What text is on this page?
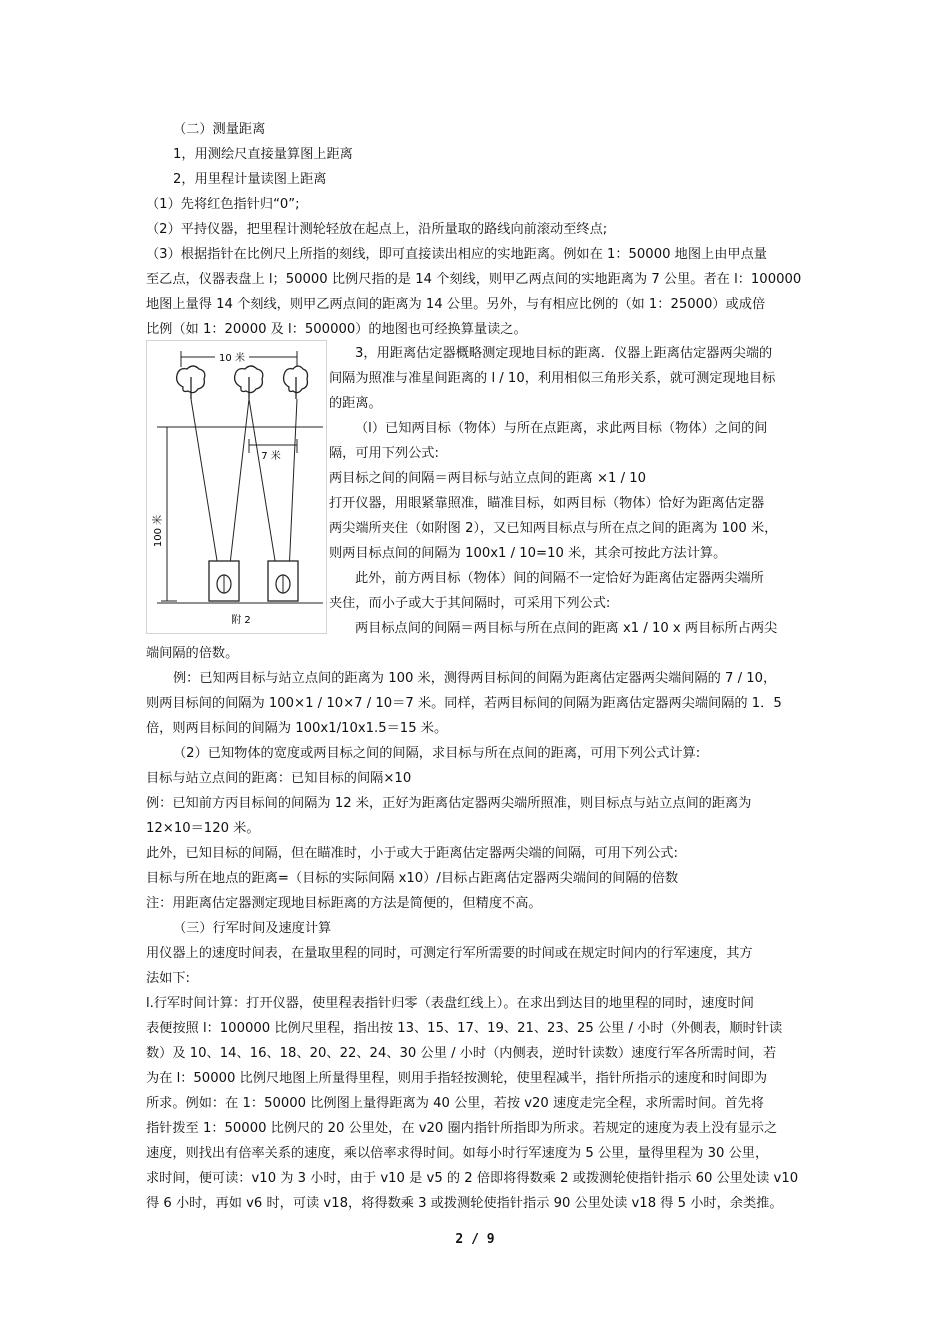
（二）测量距离
1，用测绘尺直接量算图上距离
2，用里程计量读图上距离
（1）先将红色指针归“0”;
（2）平持仪器，把里程计测轮轻放在起点上，沿所量取的路线向前滚动至终点;
（3）根据指针在比例尺上所指的刻线，即可直接读出相应的实地距离。例如在 1：50000 地图上由甲点量
至乙点，仪器表盘上 l；50000 比例尺指的是 14 个刻线，则甲乙两点间的实地距离为 7 公里。者在 l：100000
地图上量得 14 个刻线，则甲乙两点间的距离为 14 公里。另外，与有相应比例的（如 1：25000）或成倍
比例（如 1：20000 及 l：500000）的地图也可经换算量读之。
10 米
100 米
7 米
附 2
3，用距离估定器概略测定现地目标的距离．仪器上距离估定器两尖端的
间隔为照准与准星间距离的 l / 10，利用相似三角形关系，就可测定现地目标
的距离。
（l）已知两目标（物体）与所在点距离，求此两目标（物体）之间的间
隔，可用下列公式:
两目标之间的间隔＝两目标与站立点间的距离 ×1 / 10
打开仪器，用眼紧靠照准，瞄准目标，如两目标（物体）恰好为距离估定器
两尖端所夹住（如附图 2），又已知两目标点与所在点之间的距离为 100 米，
则两目标点间的间隔为 100x1 / 10=10 米，其余可按此方法计算。
此外，前方两目标（物体）间的间隔不一定恰好为距离估定器两尖端所
夹住，而小子或大于其间隔时，可采用下列公式:
两目标点间的间隔＝两目标与所在点间的距离 x1 / 10 x 两目标所占两尖
端间隔的倍数。
例：已知两目标与站立点间的距离为 100 米，测得两目标间的间隔为距离估定器两尖端间隔的 7 / 10，
则两目标间的间隔为 100×1 / 10×7 / 10＝7 米。同样，若两目标间的间隔为距离估定器两尖端间隔的 1．5
倍，则两目标间的间隔为 100x1/10x1.5＝15 米。
（2）已知物体的宽度或两目标之间的间隔，求目标与所在点间的距离，可用下列公式计算:
目标与站立点间的距离：已知目标的间隔×10
例：已知前方丙目标间的间隔为 12 米，正好为距离估定器两尖端所照准，则目标点与站立点间的距离为
12×10＝120 米。
此外，已知目标的间隔，但在瞄准时，小于或大于距离估定器两尖端的间隔，可用下列公式:
目标与所在地点的距离=（目标的实际间隔 x10）/目标占距离估定器两尖端间的间隔的倍数
注：用距离估定器测定现地目标距离的方法是简便的，但精度不高。
（三）行军时间及速度计算
用仪器上的速度时间表，在量取里程的同时，可测定行军所需要的时间或在规定时间内的行军速度，其方
法如下:
l.行军时间计算：打开仪器，使里程表指针归零（表盘红线上）。在求出到达目的地里程的同时，速度时间
表便按照 l：100000 比例尺里程，指出按 13、15、17、19、21、23、25 公里 / 小时（外侧表，顺时针读
数）及 10、14、16、18、20、22、24、30 公里 / 小时（内侧表，逆时针读数）速度行军各所需时间，若
为在 l：50000 比例尺地图上所量得里程，则用手指轻按测轮，使里程减半，指针所指示的速度和时间即为
所求。例如：在 1：50000 比例图上量得距离为 40 公里，若按 v20 速度走完全程，求所需时间。首先将
指针拨至 1：50000 比例尺的 20 公里处，在 v20 圈内指针所指即为所求。若规定的速度为表上没有显示之
速度，则找出有倍率关系的速度，乘以倍率求得时间。如每小时行军速度为 5 公里，量得里程为 30 公里，
求时间，便可读：v10 为 3 小时，由于 v10 是 v5 的 2 倍即将得数乘 2 或拨测轮使指针指示 60 公里处读 v10
得 6 小时，再如 v6 时，可读 v18，将得数乘 3 或拨测轮使指针指示 90 公里处读 v18 得 5 小时，余类推。
2 / 9
